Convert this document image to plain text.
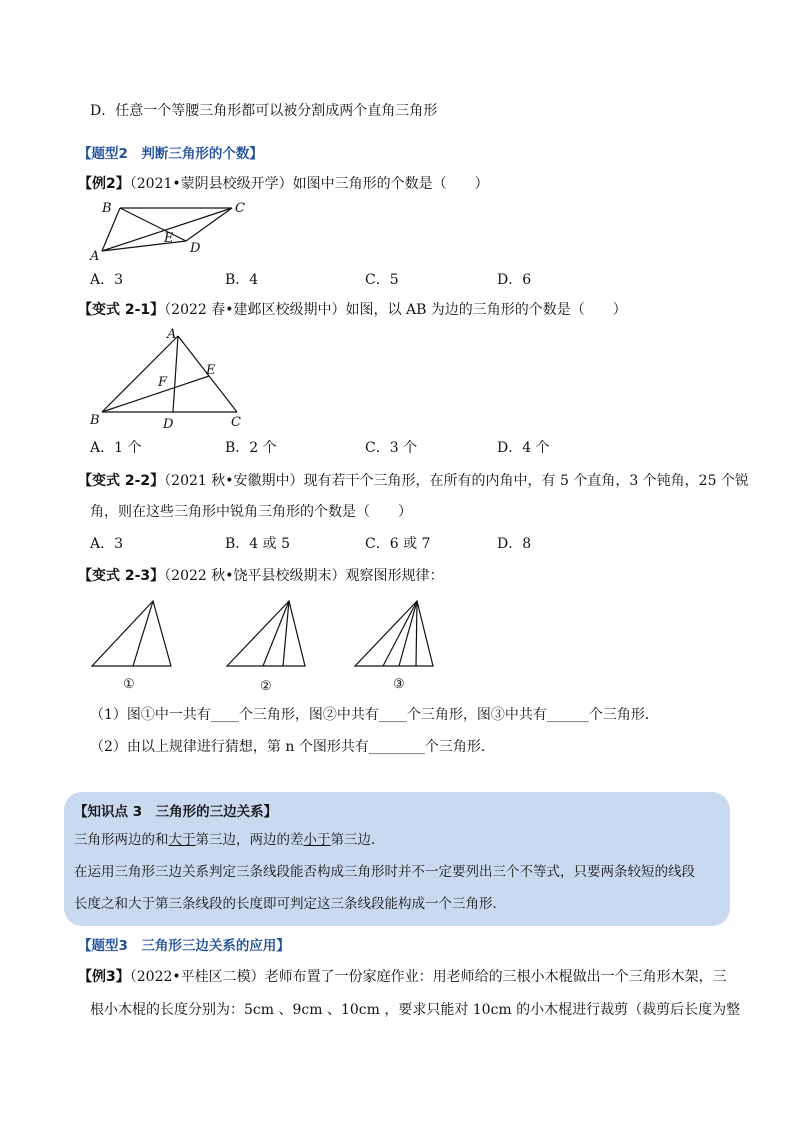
D．任意一个等腰三角形都可以被分割成两个直角三角形
【题型2　判断三角形的个数】
【例2】（2021•蒙阴县校级开学）如图中三角形的个数是（　　）
B	C
A
E
D
A．3	B．4	C．5	D．6
【变式 2-1】（2022 春•建邺区校级期中）如图，以 AB 为边的三角形的个数是（　　）
A
F
E
B	D	C
A．1 个	B．2 个	C．3 个	D．4 个
【变式 2-2】（2021 秋•安徽期中）现有若干个三角形，在所有的内角中，有 5 个直角，3 个钝角，25 个锐
角，则在这些三角形中锐角三角形的个数是（　　）
A．3	B．4 或 5	C．6 或 7	D．8
【变式 2-3】（2022 秋•饶平县校级期末）观察图形规律：
①	②	③
（1）图①中一共有____个三角形，图②中共有____个三角形，图③中共有______个三角形．
（2）由以上规律进行猜想，第 n 个图形共有________个三角形．
【知识点 3　三角形的三边关系】
三角形两边的和大于第三边，两边的差小于第三边.
在运用三角形三边关系判定三条线段能否构成三角形时并不一定要列出三个不等式，只要两条较短的线段
长度之和大于第三条线段的长度即可判定这三条线段能构成一个三角形．
【题型3　三角形三边关系的应用】
【例3】（2022•平桂区二模）老师布置了一份家庭作业：用老师给的三根小木棍做出一个三角形木架，三
根小木棍的长度分别为：5cm 、9cm 、10cm ，要求只能对 10cm 的小木棍进行裁剪（裁剪后长度为整
